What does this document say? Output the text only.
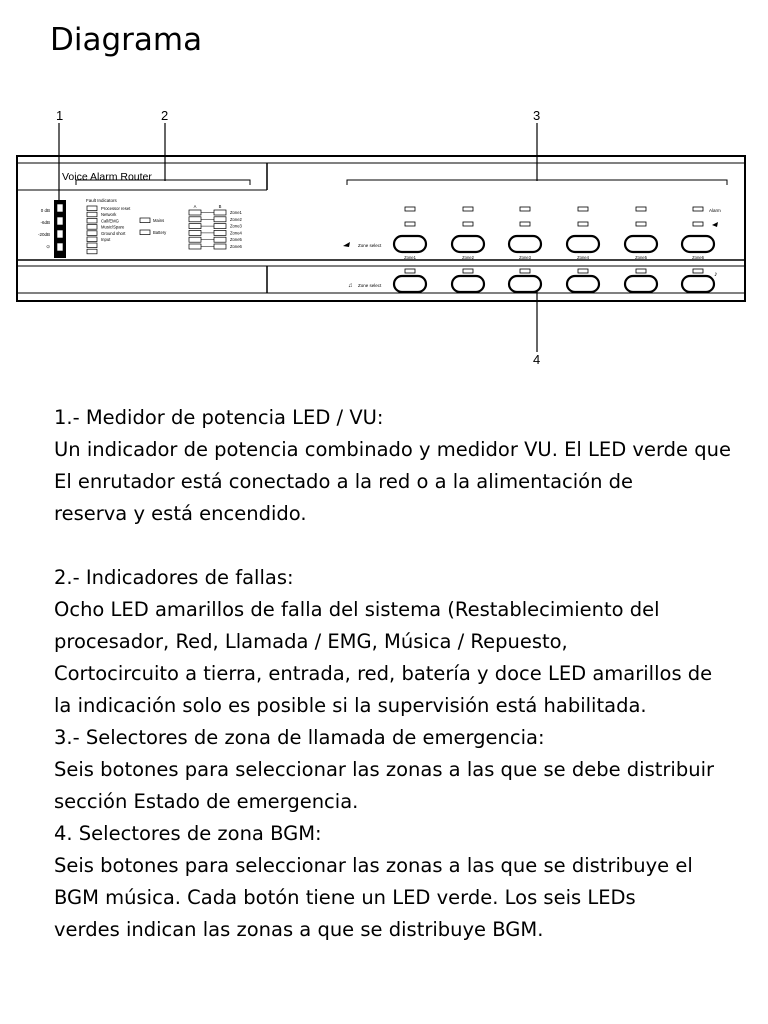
Diagrama
1	2	3
4
Voice Alarm Router
Fault Indicators
0 dB
-6dB
-20dB
⊙
Processor reset
Network
Call/EMG
Music/Spare
Ground short
Input
Mains
Battery
A	B
Zone1
Zone2
Zone3
Zone4
Zone5
Zone6	Zone select
Zone1	Zone2	Zone3	Zone4	Zone5	Zone6
Alarm
Zone select
♫
♪

1.- Medidor de potencia LED / VU:

Un indicador de potencia combinado y medidor VU. El LED verde que

El enrutador está conectado a la red o a la alimentación de

reserva y está encendido.

2.- Indicadores de fallas:

Ocho LED amarillos de falla del sistema (Restablecimiento del

procesador, Red, Llamada / EMG, Música / Repuesto,

Cortocircuito a tierra, entrada, red, batería y doce LED amarillos de

la indicación solo es posible si la supervisión está habilitada.

3.- Selectores de zona de llamada de emergencia:

Seis botones para seleccionar las zonas a las que se debe distribuir

sección Estado de emergencia.

4. Selectores de zona BGM:

Seis botones para seleccionar las zonas a las que se distribuye el

BGM música. Cada botón tiene un LED verde. Los seis LEDs

verdes indican las zonas a que se distribuye BGM.
